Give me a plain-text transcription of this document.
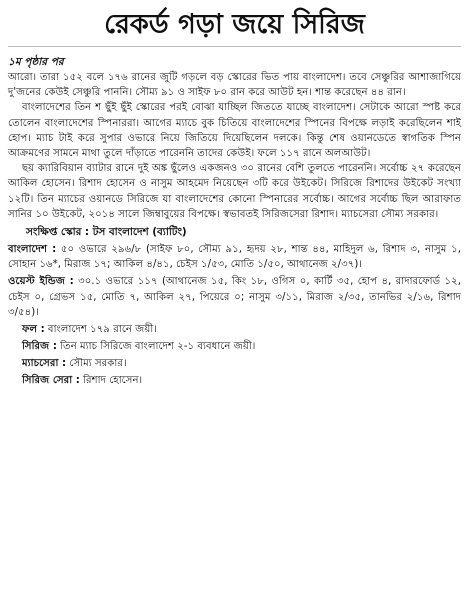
রেকর্ড গড়া জয়ে সিরিজ
১ম পৃষ্ঠার পর

আরো। তারা ১৫২ বলে ১৭৬ রানের জুটি গড়লে বড় স্কোরের ভিত পায় বাংলাদেশ। তবে সেঞ্চুরির আশাজাগিয়ে দু'জনের কেউই সেঞ্চুরি পাননি। সৌম্য ৯১ ও সাইফ ৮০ রান করে আউট হন। শান্ত করেছেন ৪৪ রান।

বাংলাদেশের তিন শ ছুঁই ছুঁই স্কোরের পরই বোঝা যাচ্ছিল জিততে যাচ্ছে বাংলাদেশ। সেটাকে আরো স্পষ্ট করে তোলেন বাংলাদেশের স্পিনাররা। আগের ম্যাচে বুক চিতিয়ে বাংলাদেশের স্পিনের বিপক্ষে লড়াই করেছিলেন শাই হোপ। ম্যাচ টাই করে সুপার ওভারে নিয়ে জিতিয়ে দিয়েছিলেন দলকে। কিন্তু শেষ ওয়ানডেতে স্বাগতিক স্পিন আক্রমণের সামনে মাথা তুলে দাঁড়াতে পারেননি তাদের কেউই। ফলে ১১৭ রানে অলআউট।

ছয় ক্যারিবিয়ান ব্যাটার রানে দুই অঙ্ক ছুঁলেও একজনও ৩০ রানের বেশি তুলতে পারেননি। সর্বোচ্চ ২৭ করেছেন আকিল হোসেন। রিশাদ হোসেন ও নাসুম আহমেদ নিয়েছেন ৩টি করে উইকেট। সিরিজে রিশাদের উইকেট সংখ্যা ১২টি। তিন ম্যাচের ওয়ানডে সিরিজে যা বাংলাদেশের কোনো স্পিনারের সর্বোচ্চ। আগের সর্বোচ্চ ছিল আরাফাত সানির ১০ উইকেট, ২০১৪ সালে জিম্বাবুয়ের বিপক্ষে। স্বভাবতই সিরিজসেরা রিশাদ। ম্যাচসেরা সৌম্য সরকার।

সংক্ষিপ্ত স্কোর : টস বাংলাদেশ (ব্যাটিং)

বাংলাদেশ : ৫০ ওভারে ২৯৬/৮ (সাইফ ৮০, সৌম্য ৯১, হৃদয় ২৮, শান্ত ৪৪, মাহিদুল ৬, রিশাদ ৩, নাসুম ১, সোহান ১৬*, মিরাজ ১৭; আকিল ৪/৪১, চেইস ১/৫৩, মোতি ১/৫০, আথানেজ ২/৩৭)।

ওয়েস্ট ইন্ডিজ : ৩০.১ ওভারে ১১৭ (আথানেজ ১৫, কিং ১৮, ওগিস ০, কার্টি ৩৫, হোপ ৪, রাদারফোর্ড ১২, চেইস ০, গ্রেভস ১৫, মোতি ৭, আকিল ২৭, পিয়েরে ০; নাসুম ৩/১১, মিরাজ ২/৩৫, তানভির ২/১৬, রিশাদ ৩/৫৪)।

ফল : বাংলাদেশ ১৭৯ রানে জয়ী।
সিরিজ : তিন ম্যাচ সিরিজে বাংলাদেশ ২-১ ব্যবধানে জয়ী।
ম্যাচসেরা : সৌম্য সরকার।
সিরিজ সেরা : রিশাদ হোসেন।
